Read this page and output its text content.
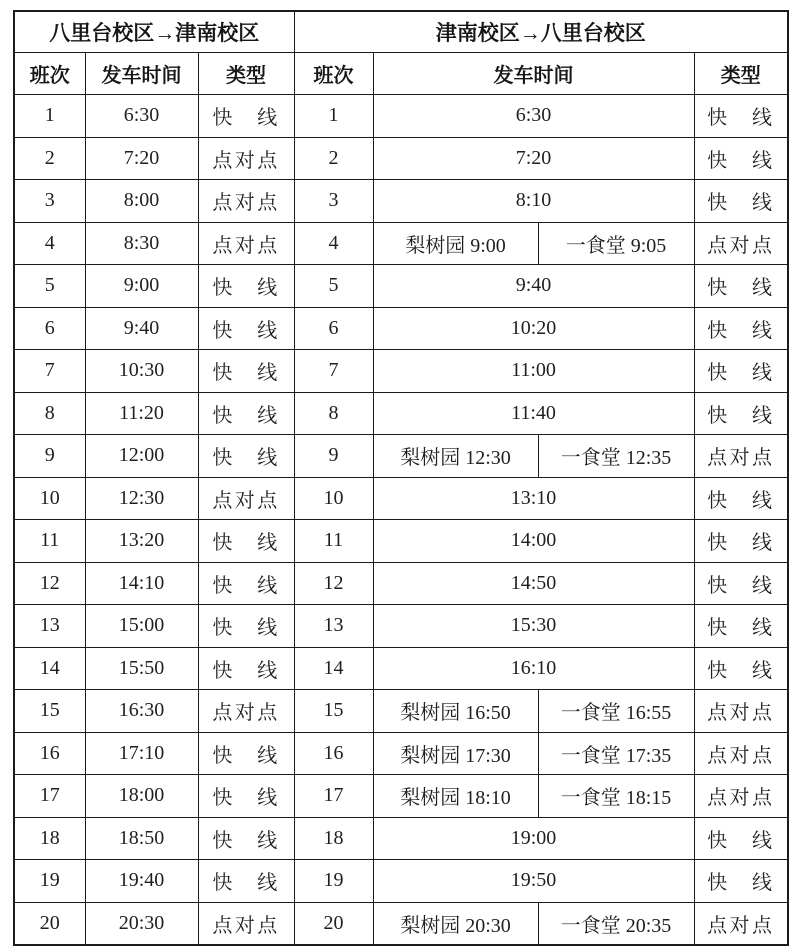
八里台校区→津南校区			津南校区→八里台校区			
班次	发车时间	类型	班次	发车时间		类型
1	6:30	快　线	1	6:30		快　线
2	7:20	点对点	2	7:20		快　线
3	8:00	点对点	3	8:10		快　线
4	8:30	点对点	4	梨树园 9:00	一食堂 9:05	点对点
5	9:00	快　线	5	9:40		快　线
6	9:40	快　线	6	10:20		快　线
7	10:30	快　线	7	11:00		快　线
8	11:20	快　线	8	11:40		快　线
9	12:00	快　线	9	梨树园 12:30	一食堂 12:35	点对点
10	12:30	点对点	10	13:10		快　线
11	13:20	快　线	11	14:00		快　线
12	14:10	快　线	12	14:50		快　线
13	15:00	快　线	13	15:30		快　线
14	15:50	快　线	14	16:10		快　线
15	16:30	点对点	15	梨树园 16:50	一食堂 16:55	点对点
16	17:10	快　线	16	梨树园 17:30	一食堂 17:35	点对点
17	18:00	快　线	17	梨树园 18:10	一食堂 18:15	点对点
18	18:50	快　线	18	19:00		快　线
19	19:40	快　线	19	19:50		快　线
20	20:30	点对点	20	梨树园 20:30	一食堂 20:35	点对点
